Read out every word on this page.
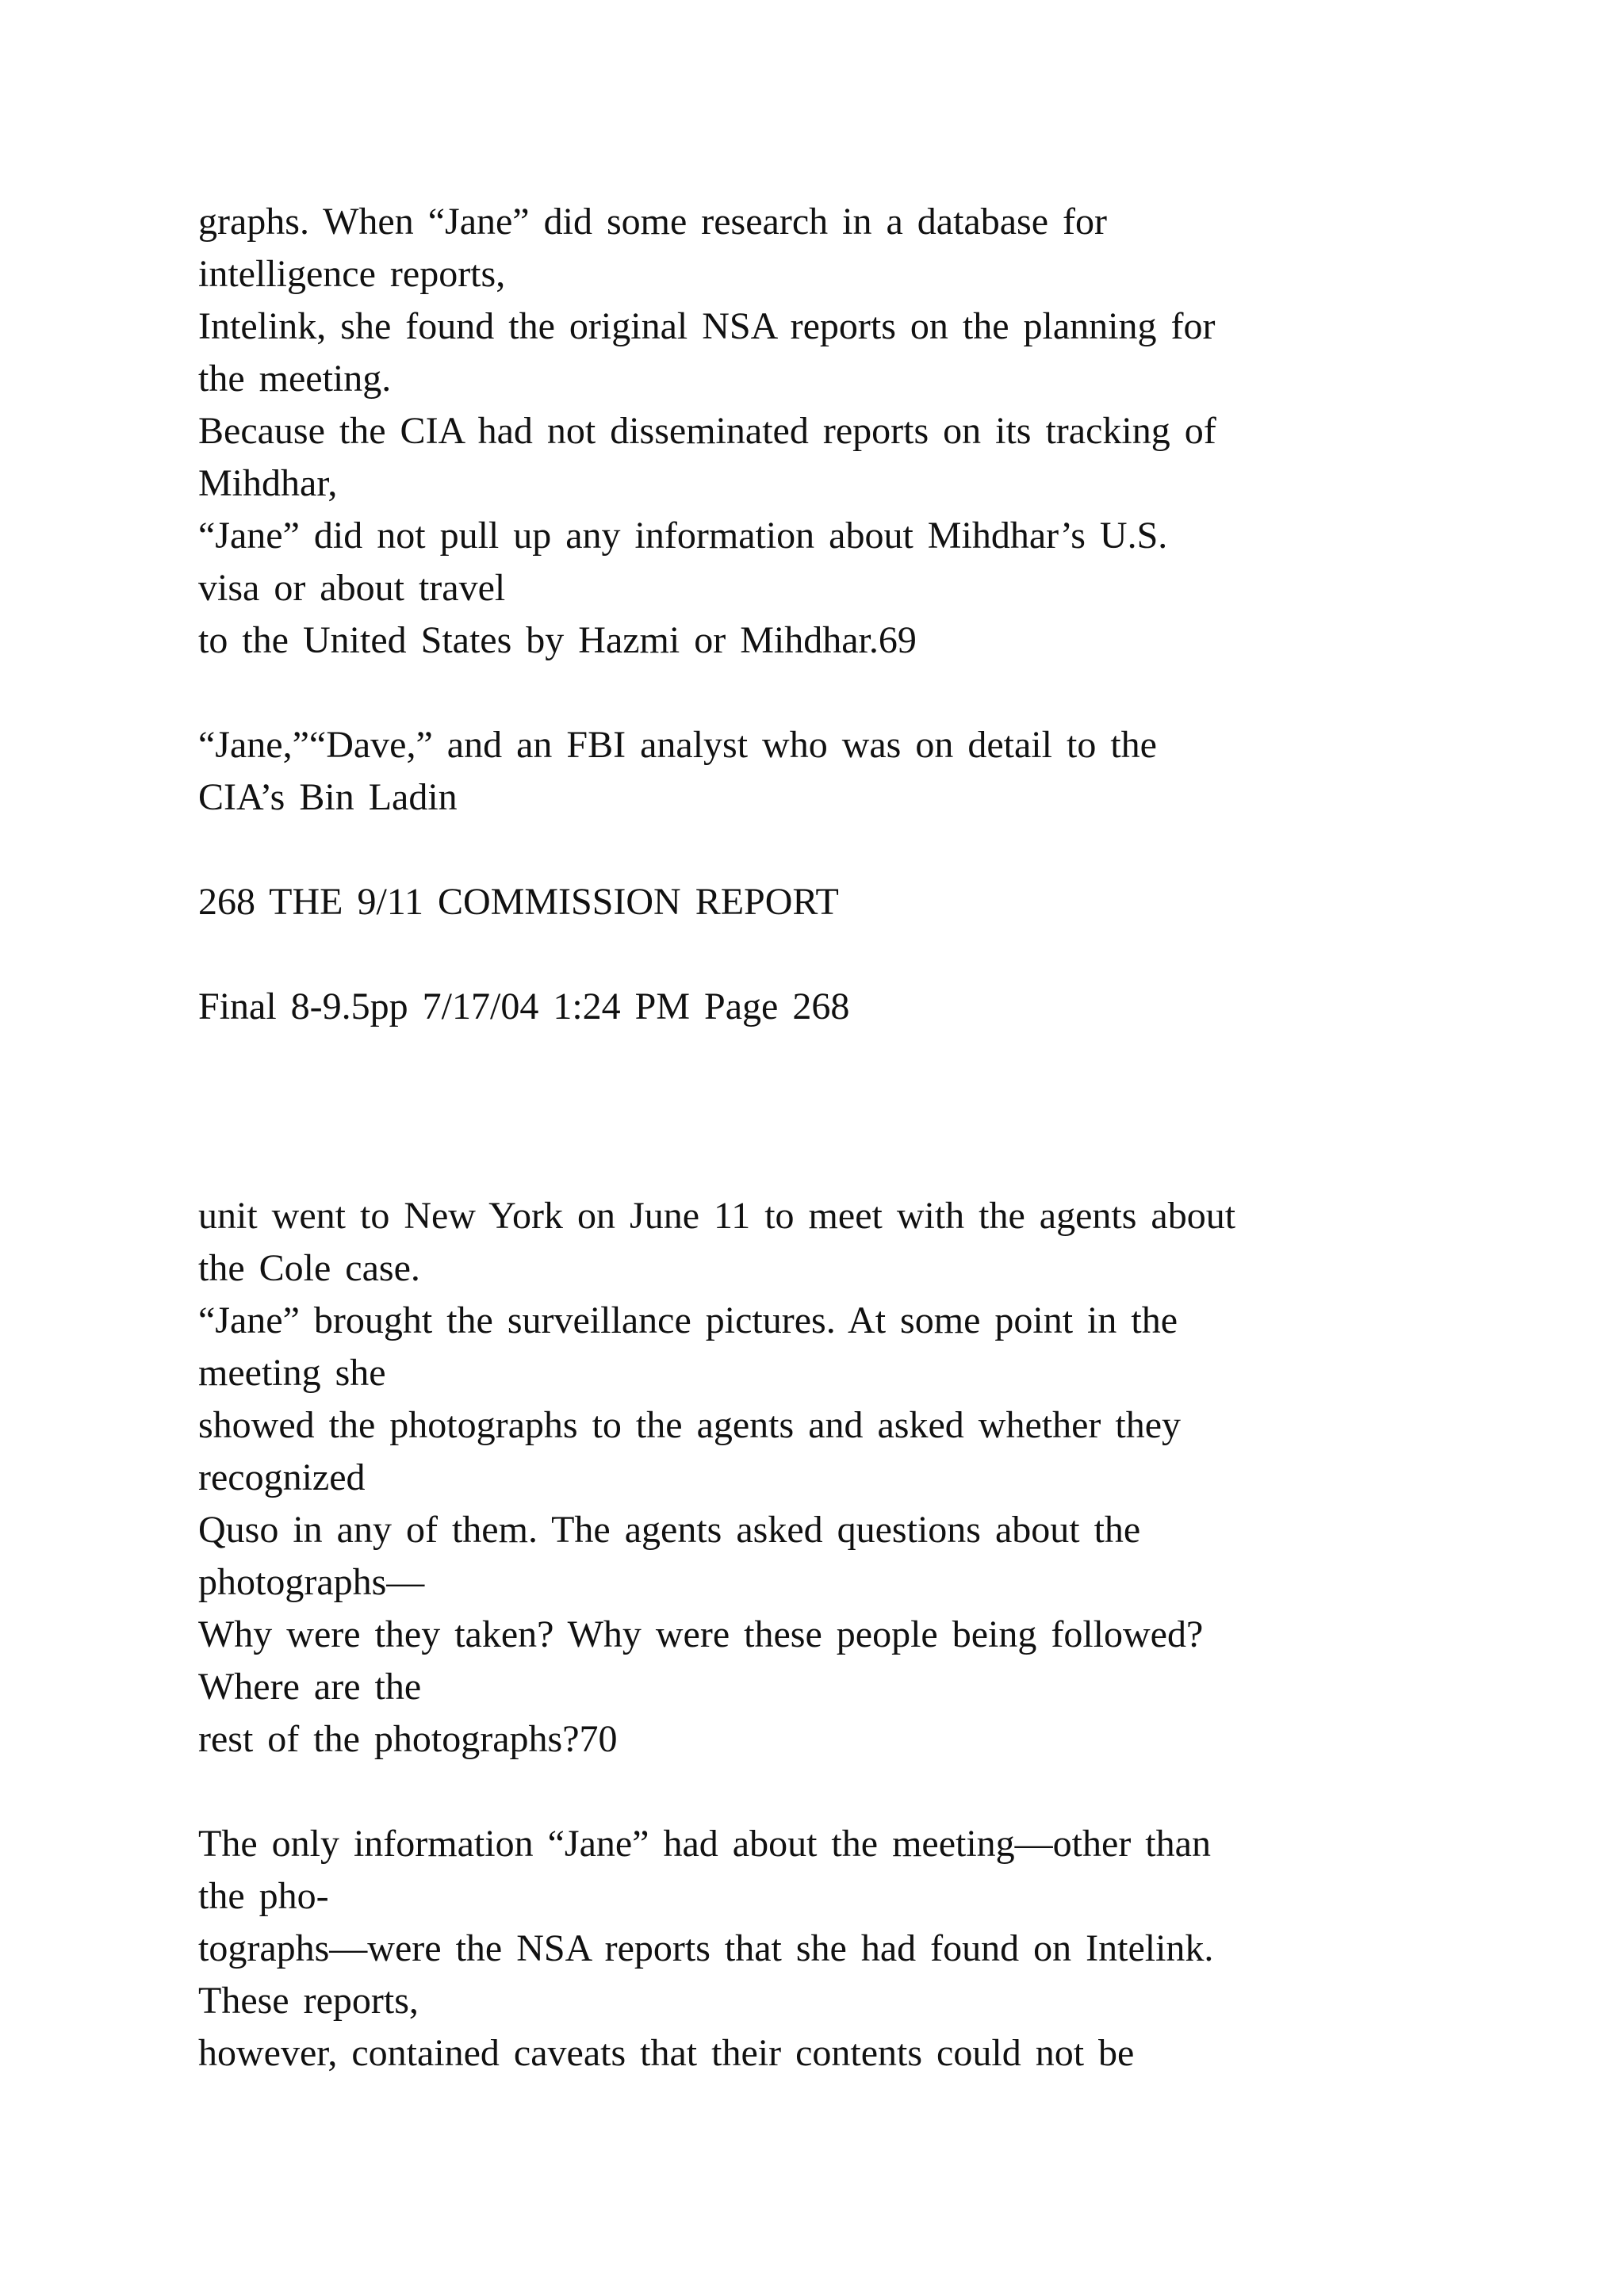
graphs. When “Jane” did some research in a database for

intelligence reports,

Intelink, she found the original NSA reports on the planning for

the meeting.

Because the CIA had not disseminated reports on its tracking of

Mihdhar,

“Jane” did not pull up any information about Mihdhar’s U.S.

visa or about travel

to the United States by Hazmi or Mihdhar.69

“Jane,”“Dave,” and an FBI analyst who was on detail to the

CIA’s Bin Ladin

268 THE 9/11 COMMISSION REPORT

Final 8-9.5pp 7/17/04 1:24 PM Page 268

unit went to New York on June 11 to meet with the agents about

the Cole case.

“Jane” brought the surveillance pictures. At some point in the

meeting she

showed the photographs to the agents and asked whether they

recognized

Quso in any of them. The agents asked questions about the

photographs—

Why were they taken? Why were these people being followed?

Where are the

rest of the photographs?70

The only information “Jane” had about the meeting—other than

the pho-

tographs—were the NSA reports that she had found on Intelink.

These reports,

however, contained caveats that their contents could not be
